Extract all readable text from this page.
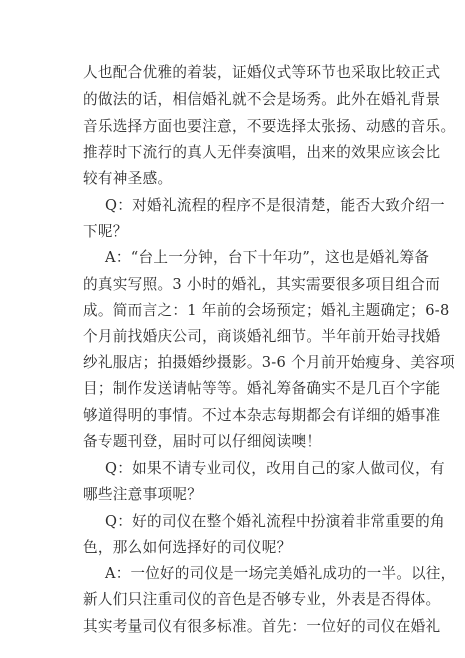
人也配合优雅的着装，证婚仪式等环节也采取比较正式
的做法的话，相信婚礼就不会是场秀。此外在婚礼背景
音乐选择方面也要注意，不要选择太张扬、动感的音乐。
推荐时下流行的真人无伴奏演唱，出来的效果应该会比
较有神圣感。
Q：对婚礼流程的程序不是很清楚，能否大致介绍一
下呢？
A：“台上一分钟，台下十年功”，这也是婚礼筹备
的真实写照。3 小时的婚礼，其实需要很多项目组合而
成。简而言之：1 年前的会场预定；婚礼主题确定；6-8
个月前找婚庆公司，商谈婚礼细节。半年前开始寻找婚
纱礼服店；拍摄婚纱摄影。3-6 个月前开始瘦身、美容项
目；制作发送请帖等等。婚礼筹备确实不是几百个字能
够道得明的事情。不过本杂志每期都会有详细的婚事准
备专题刊登，届时可以仔细阅读噢！
Q：如果不请专业司仪，改用自己的家人做司仪，有
哪些注意事项呢？
Q：好的司仪在整个婚礼流程中扮演着非常重要的角
色，那么如何选择好的司仪呢？
A：一位好的司仪是一场完美婚礼成功的一半。以往，
新人们只注重司仪的音色是否够专业，外表是否得体。
其实考量司仪有很多标准。首先：一位好的司仪在婚礼
